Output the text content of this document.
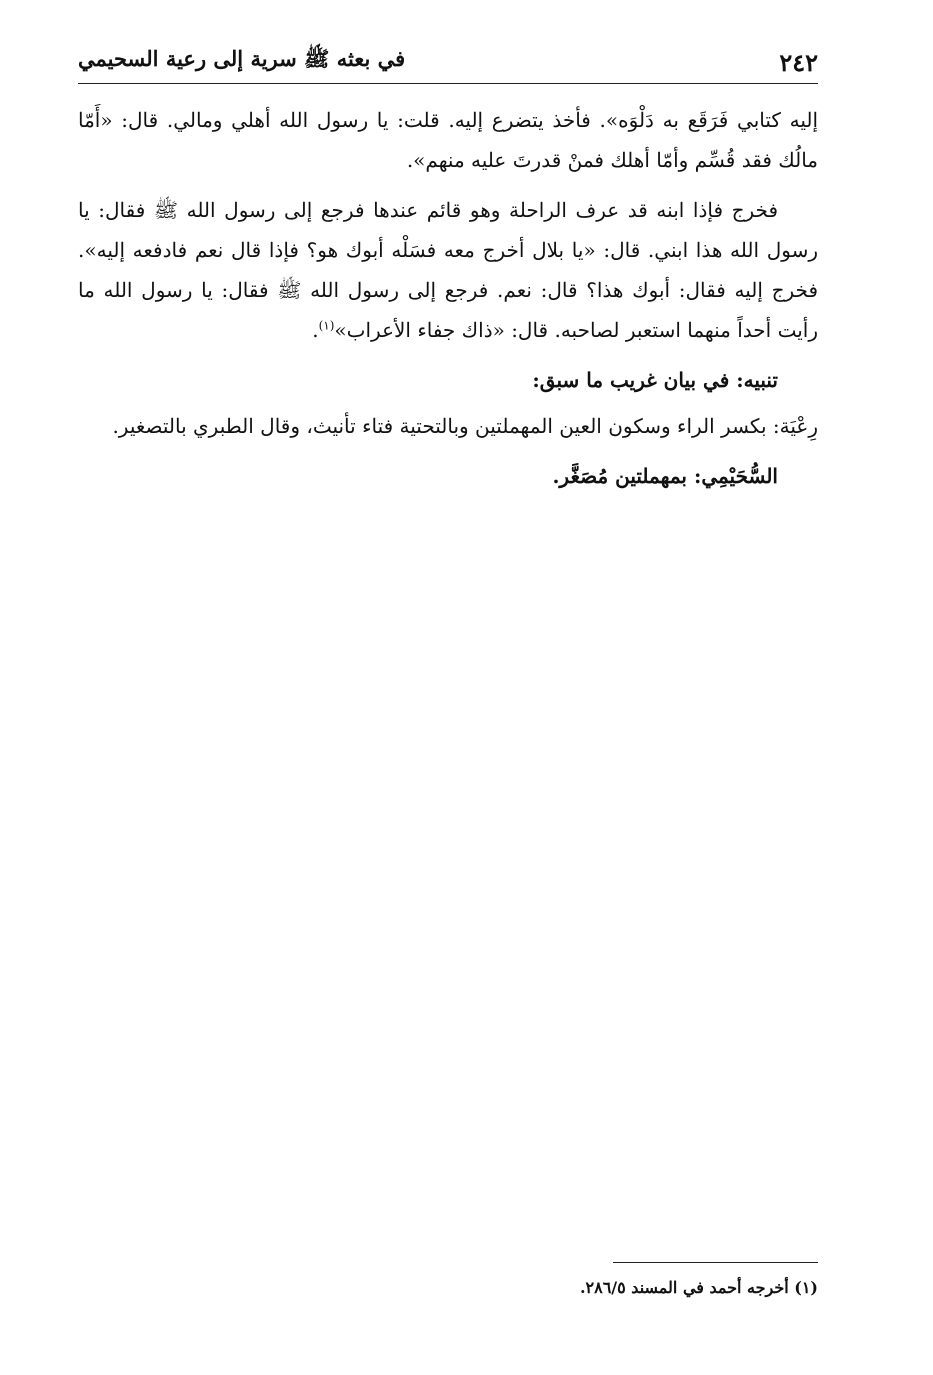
٢٤٢
في بعثه ﷺ سرية إلى رعية السحيمي

إليه كتابي فَرَقَع به دَلْوَه». فأخذ يتضرع إليه. قلت: يا رسول الله أهلي ومالي. قال: «أَمّا مالُك فقد قُسِّم وأمّا أهلك فمنْ قدرتَ عليه منهم».

فخرج فإذا ابنه قد عرف الراحلة وهو قائم عندها فرجع إلى رسول الله ﷺ فقال: يا رسول الله هذا ابني. قال: «يا بلال أخرج معه فسَلْه أبوك هو؟ فإذا قال نعم فادفعه إليه». فخرج إليه فقال: أبوك هذا؟ قال: نعم. فرجع إلى رسول الله ﷺ فقال: يا رسول الله ما رأيت أحداً منهما استعبر لصاحبه. قال: «ذاك جفاء الأعراب»$^{(١)}$.

تنبيه: في بيان غريب ما سبق:

رِعْيَة: بكسر الراء وسكون العين المهملتين وبالتحتية فتاء تأنيث، وقال الطبري بالتصغير.

السُّحَيْمِي: بمهملتين مُصَغَّر.

(١) أخرجه أحمد في المسند ٢٨٦/٥.
